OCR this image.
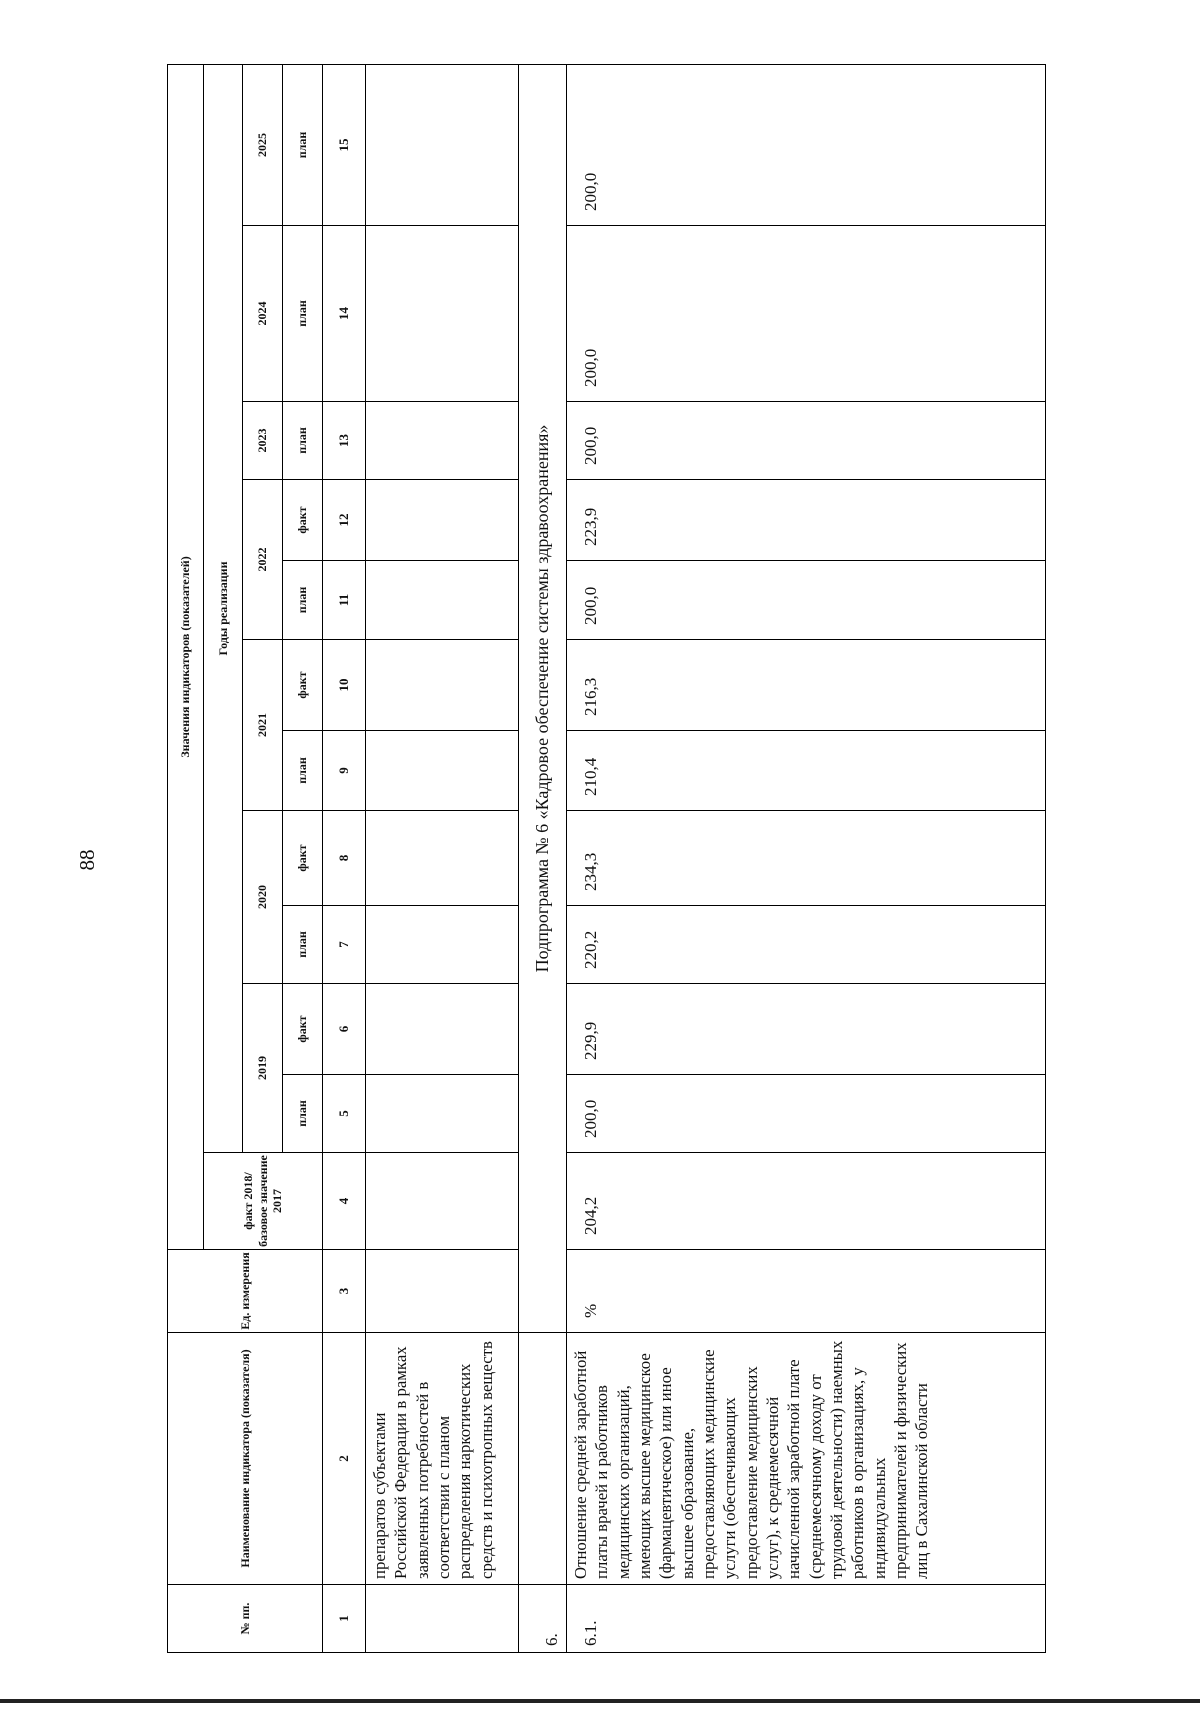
88
№ пп.	Наименование индикатора (показателя)	Ед. измерения	Значения индикаторов (показателей)											
			факт 2018/базовое значение 2017	Годы реализации										
				2019		2020		2021		2022		2023	2024	2025
				план	факт	план	факт	план	факт	план	факт	план	план	план
1	2	3	4	5	6	7	8	9	10	11	12	13	14	15
	препаратов субъектами Российской Федерации в рамках заявленных потребностей в соответствии с планом распределения наркотических средств и психотропных веществ													
6.		Подпрограмма № 6 «Кадровое обеспечение системы здравоохранения»												
6.1.	Отношение средней заработной платы врачей и работников медицинских организаций, имеющих высшее медицинское (фармацевтическое) или иное высшее образование, предоставляющих медицинские услуги (обеспечивающих предоставление медицинских услуг), к среднемесячной начисленной заработной плате (среднемесячному доходу от трудовой деятельности) наемных работников в организациях, у индивидуальных предпринимателей и физических лиц в Сахалинской области	%	204,2	200,0	229,9	220,2	234,3	210,4	216,3	200,0	223,9	200,0	200,0	200,0
